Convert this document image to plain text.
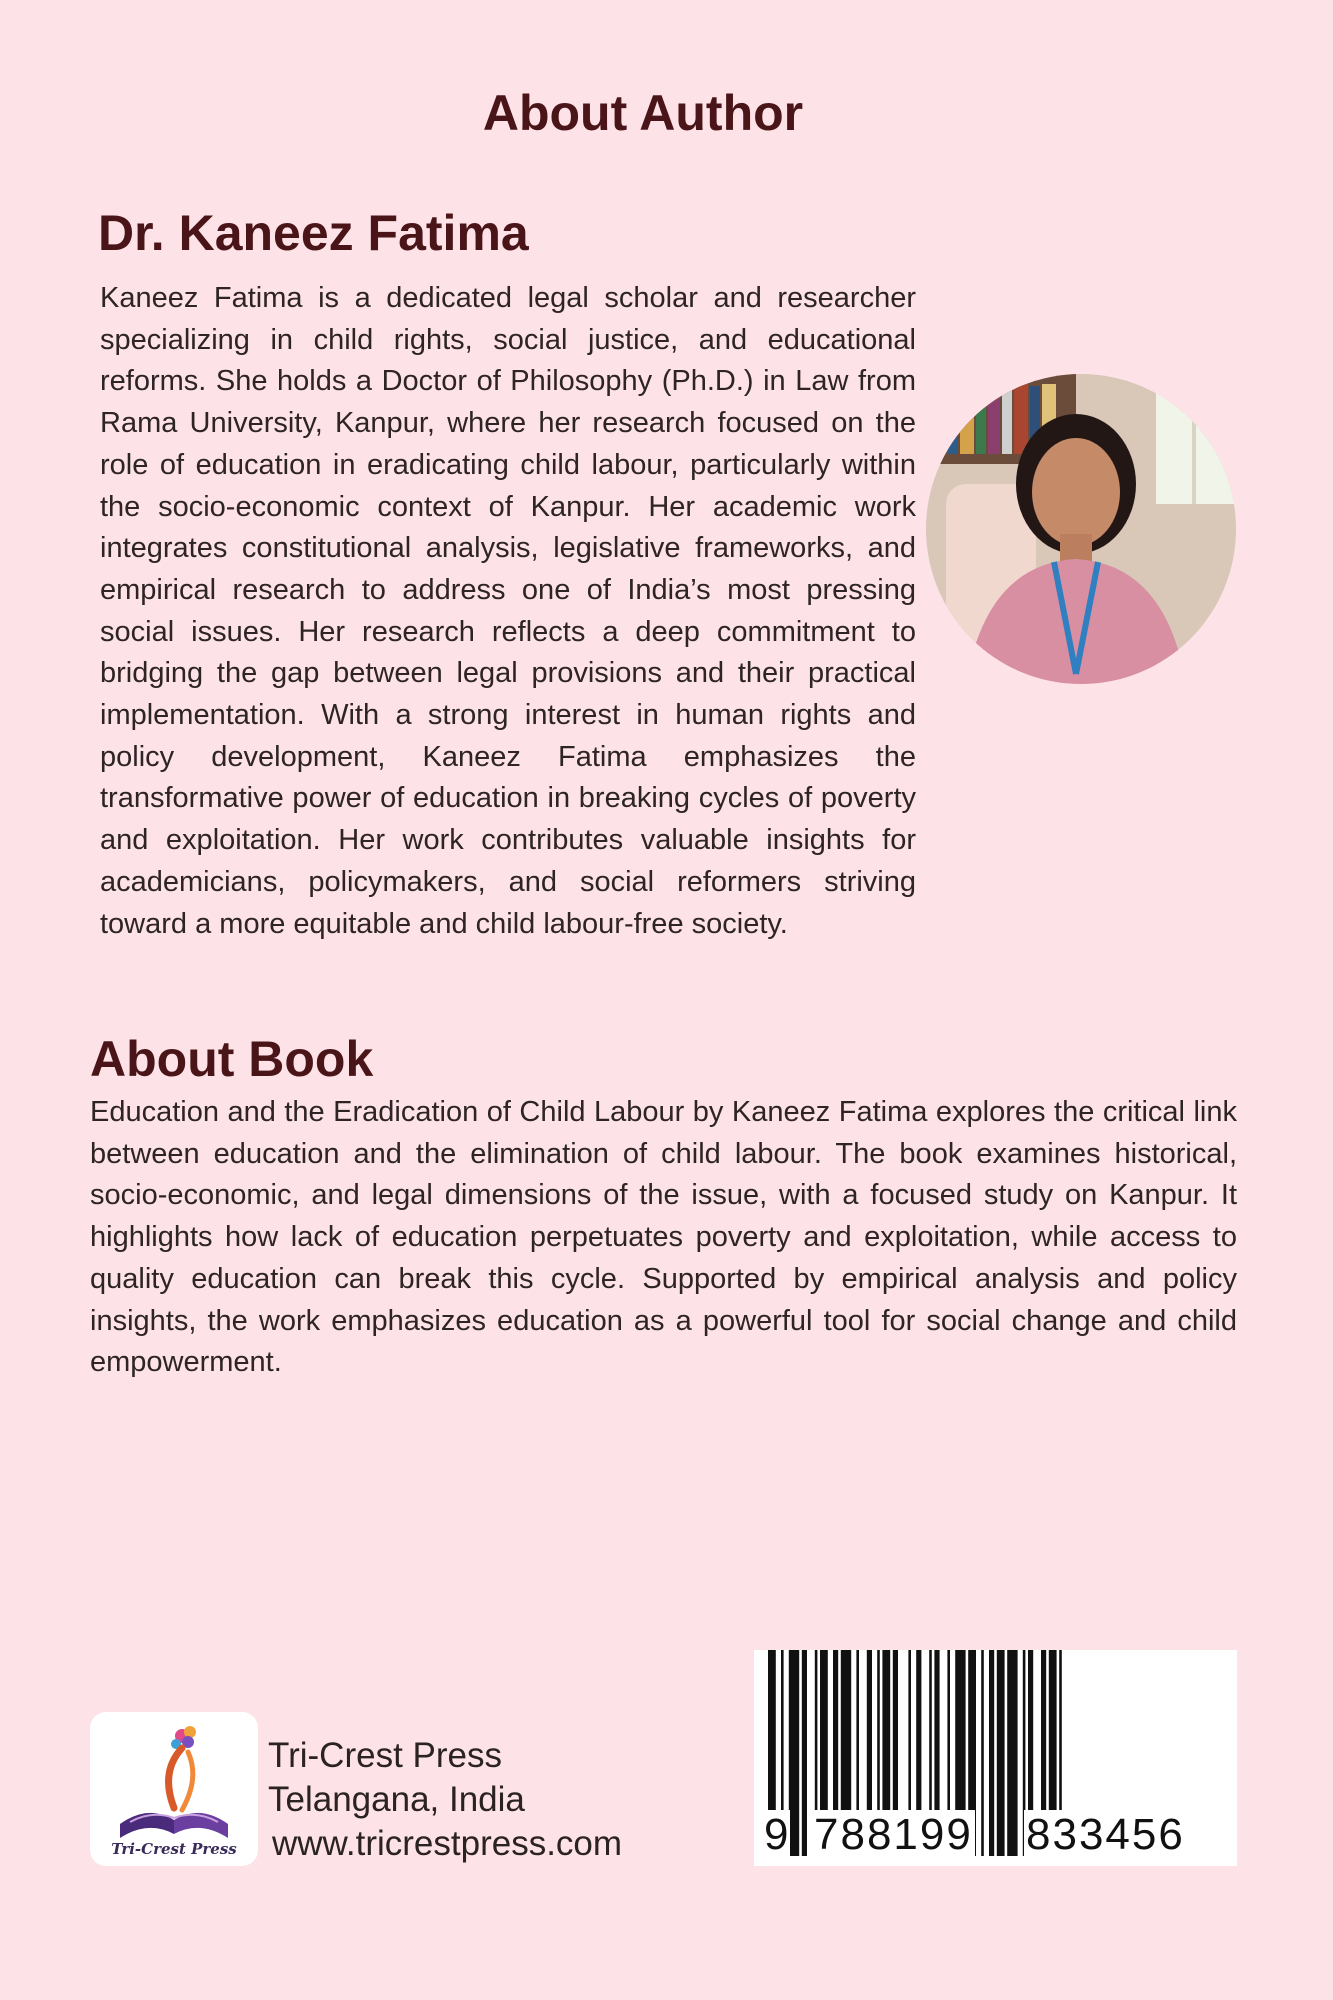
About Author
Dr. Kaneez Fatima

Kaneez Fatima is a dedicated legal scholar and researcher specializing in child rights, social justice, and educational reforms. She holds a Doctor of Philosophy (Ph.D.) in Law from Rama University, Kanpur, where her research focused on the role of education in eradicating child labour, particularly within the socio-economic context of Kanpur. Her academic work integrates constitutional analysis, legislative frameworks, and empirical research to address one of India’s most pressing social issues. Her research reflects a deep commitment to bridging the gap between legal provisions and their practical implementation. With a strong interest in human rights and policy development, Kaneez Fatima emphasizes the transformative power of education in breaking cycles of poverty and exploitation. Her work contributes valuable insights for academicians, policymakers, and social reformers striving toward a more equitable and child labour-free society.

About Book

Education and the Eradication of Child Labour by Kaneez Fatima explores the critical link between education and the elimination of child labour. The book examines historical, socio-economic, and legal dimensions of the issue, with a focused study on Kanpur. It highlights how lack of education perpetuates poverty and exploitation, while access to quality education can break this cycle. Supported by empirical analysis and policy insights, the work emphasizes education as a powerful tool for social change and child empowerment.

Tri-Crest Press
Tri-Crest Press
Telangana, India
www.tricrestpress.com	9 788199 833456
